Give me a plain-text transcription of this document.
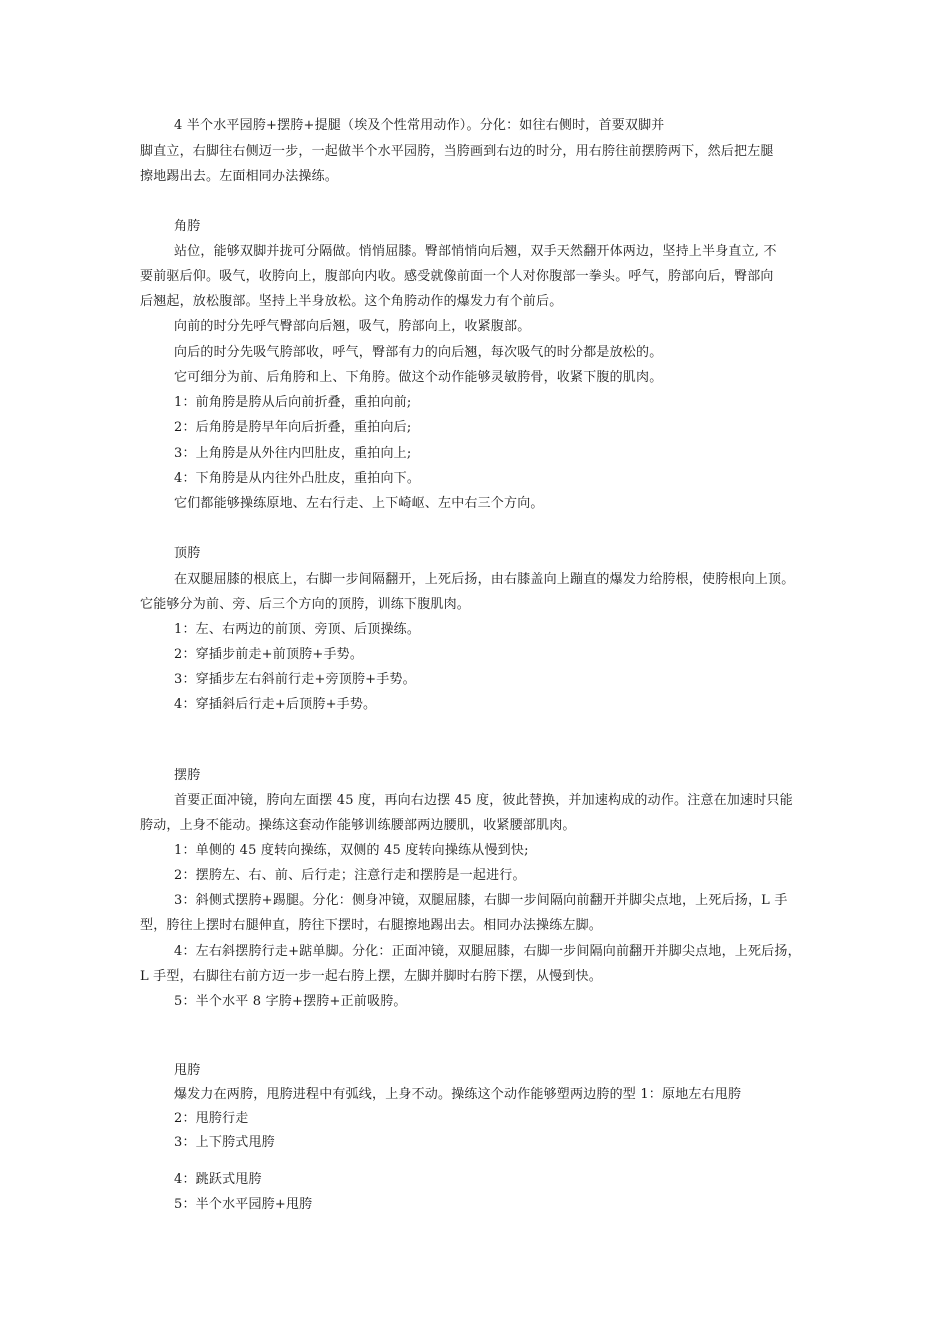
4 半个水平园胯+摆胯+提腿（埃及个性常用动作）。分化：如往右侧时，首要双脚并
脚直立，右脚往右侧迈一步，一起做半个水平园胯，当胯画到右边的时分，用右胯往前摆胯两下，然后把左腿
擦地踢出去。左面相同办法操练。
角胯
站位，能够双脚并拢可分隔做。悄悄屈膝。臀部悄悄向后翘，双手天然翻开体两边，坚持上半身直立, 不
要前驱后仰。吸气，收胯向上，腹部向内收。感受就像前面一个人对你腹部一拳头。呼气，胯部向后，臀部向
后翘起，放松腹部。坚持上半身放松。这个角胯动作的爆发力有个前后。
向前的时分先呼气臀部向后翘，吸气，胯部向上，收紧腹部。
向后的时分先吸气胯部收，呼气，臀部有力的向后翘，每次吸气的时分都是放松的。
它可细分为前、后角胯和上、下角胯。做这个动作能够灵敏胯骨，收紧下腹的肌肉。
1：前角胯是胯从后向前折叠，重拍向前;
2：后角胯是胯早年向后折叠，重拍向后;
3：上角胯是从外往内凹肚皮，重拍向上;
4：下角胯是从内往外凸肚皮，重拍向下。
它们都能够操练原地、左右行走、上下崎岖、左中右三个方向。
顶胯
在双腿屈膝的根底上，右脚一步间隔翻开，上死后扬，由右膝盖向上蹦直的爆发力给胯根，使胯根向上顶。
它能够分为前、旁、后三个方向的顶胯，训练下腹肌肉。
1：左、右两边的前顶、旁顶、后顶操练。
2：穿插步前走+前顶胯+手势。
3：穿插步左右斜前行走+旁顶胯+手势。
4：穿插斜后行走+后顶胯+手势。
摆胯
首要正面冲镜，胯向左面摆 45 度，再向右边摆 45 度，彼此替换，并加速构成的动作。注意在加速时只能
胯动，上身不能动。操练这套动作能够训练腰部两边腰肌，收紧腰部肌肉。
1：单侧的 45 度转向操练，双侧的 45 度转向操练从慢到快;
2：摆胯左、右、前、后行走；注意行走和摆胯是一起进行。
3：斜侧式摆胯+踢腿。分化：侧身冲镜，双腿屈膝，右脚一步间隔向前翻开并脚尖点地，上死后扬，L 手
型，胯往上摆时右腿伸直，胯往下摆时，右腿擦地踢出去。相同办法操练左脚。
4：左右斜摆胯行走+踮单脚。分化：正面冲镜，双腿屈膝，右脚一步间隔向前翻开并脚尖点地，上死后扬，
L 手型，右脚往右前方迈一步一起右胯上摆，左脚并脚时右胯下摆，从慢到快。
5：半个水平 8 字胯+摆胯+正前吸胯。
甩胯
爆发力在两胯，甩胯进程中有弧线，上身不动。操练这个动作能够塑两边胯的型 1：原地左右甩胯
2：甩胯行走
3：上下胯式甩胯
4：跳跃式甩胯
5：半个水平园胯+甩胯
